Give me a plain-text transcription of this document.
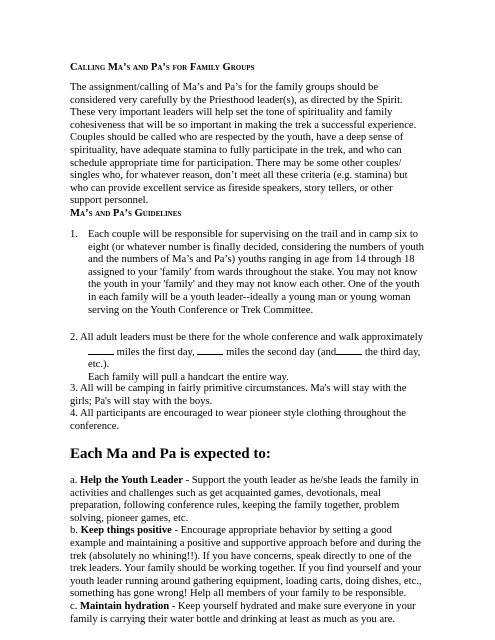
Calling Ma’s and Pa’s for Family Groups

The assignment/calling of Ma’s and Pa’s for the family groups should be considered very carefully by the Priesthood leader(s), as directed by the Spirit. These very important leaders will help set the tone of spirituality and family cohesiveness that will be so important in making the trek a successful experience. Couples should be called who are respected by the youth, have a deep sense of spirituality, have adequate stamina to fully participate in the trek, and who can schedule appropriate time for participation. There may be some other couples/ singles who, for whatever reason, don’t meet all these criteria (e.g. stamina) but who can provide excellent service as fireside speakers, story tellers, or other support personnel.

Ma’s and Pa’s Guidelines
1. Each couple will be responsible for supervising on the trail and in camp six to eight (or whatever number is finally decided, considering the numbers of youth and the numbers of Ma’s and Pa’s) youths ranging in age from 14 through 18 assigned to your 'family' from wards throughout the stake. You may not know the youth in your 'family' and they may not know each other. One of the youth in each family will be a youth leader--ideally a young man or young woman serving on the Youth Conference or Trek Committee.
2. All adult leaders must be there for the whole conference and walk approximately
miles the first day,	miles the second day (and	the third day, etc.).
Each family will pull a handcart the entire way.

3. All will be camping in fairly primitive circumstances. Ma's will stay with the girls; Pa's will stay with the boys.

4. All participants are encouraged to wear pioneer style clothing throughout the conference.

Each Ma and Pa is expected to:

a. Help the Youth Leader - Support the youth leader as he/she leads the family in activities and challenges such as get acquainted games, devotionals, meal preparation, following conference rules, keeping the family together, problem solving, pioneer games, etc.

b. Keep things positive - Encourage appropriate behavior by setting a good example and maintaining a positive and supportive approach before and during the trek (absolutely no whining!!). If you have concerns, speak directly to one of the trek leaders. Your family should be working together. If you find yourself and your youth leader running around gathering equipment, loading carts, doing dishes, etc., something has gone wrong! Help all members of your family to be responsible.

c. Maintain hydration - Keep yourself hydrated and make sure everyone in your family is carrying their water bottle and drinking at least as much as you are.
